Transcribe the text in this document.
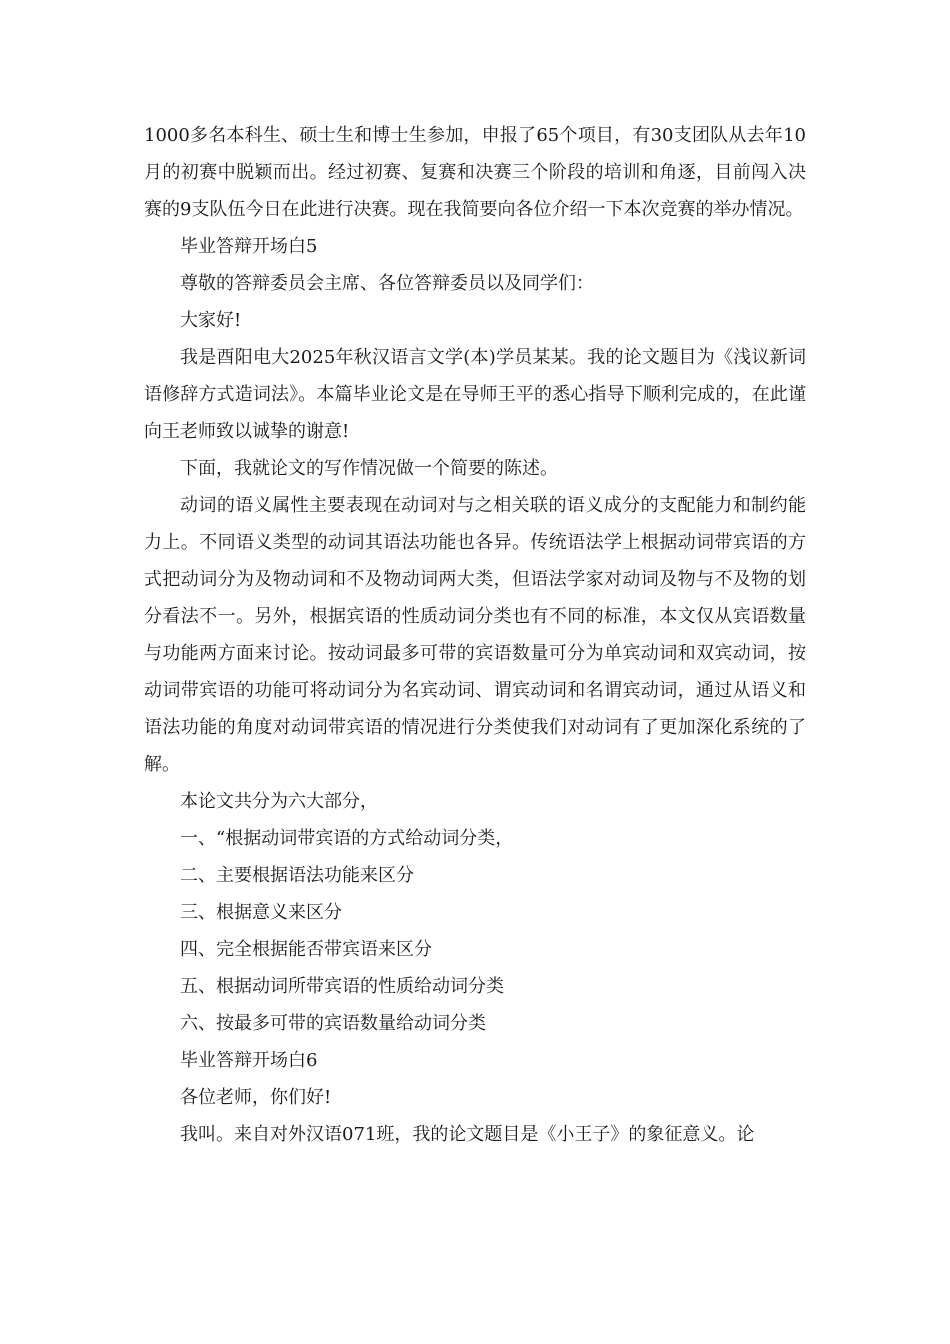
1000多名本科生、硕士生和博士生参加，申报了65个项目，有30支团队从去年10月的初赛中脱颖而出。经过初赛、复赛和决赛三个阶段的培训和角逐，目前闯入决赛的9支队伍今日在此进行决赛。现在我简要向各位介绍一下本次竞赛的举办情况。

毕业答辩开场白5

尊敬的答辩委员会主席、各位答辩委员以及同学们：

大家好!

我是酉阳电大2025年秋汉语言文学(本)学员某某。我的论文题目为《浅议新词语修辞方式造词法》。本篇毕业论文是在导师王平的悉心指导下顺利完成的，在此谨向王老师致以诚挚的谢意!

下面，我就论文的写作情况做一个简要的陈述。

动词的语义属性主要表现在动词对与之相关联的语义成分的支配能力和制约能力上。不同语义类型的动词其语法功能也各异。传统语法学上根据动词带宾语的方式把动词分为及物动词和不及物动词两大类，但语法学家对动词及物与不及物的划分看法不一。另外，根据宾语的性质动词分类也有不同的标准，本文仅从宾语数量与功能两方面来讨论。按动词最多可带的宾语数量可分为单宾动词和双宾动词，按动词带宾语的功能可将动词分为名宾动词、谓宾动词和名谓宾动词，通过从语义和语法功能的角度对动词带宾语的情况进行分类使我们对动词有了更加深化系统的了解。

本论文共分为六大部分，

一、“根据动词带宾语的方式给动词分类，

二、主要根据语法功能来区分

三、根据意义来区分

四、完全根据能否带宾语来区分

五、根据动词所带宾语的性质给动词分类

六、按最多可带的宾语数量给动词分类

毕业答辩开场白6

各位老师，你们好!

我叫。来自对外汉语071班，我的论文题目是《小王子》的象征意义。论
